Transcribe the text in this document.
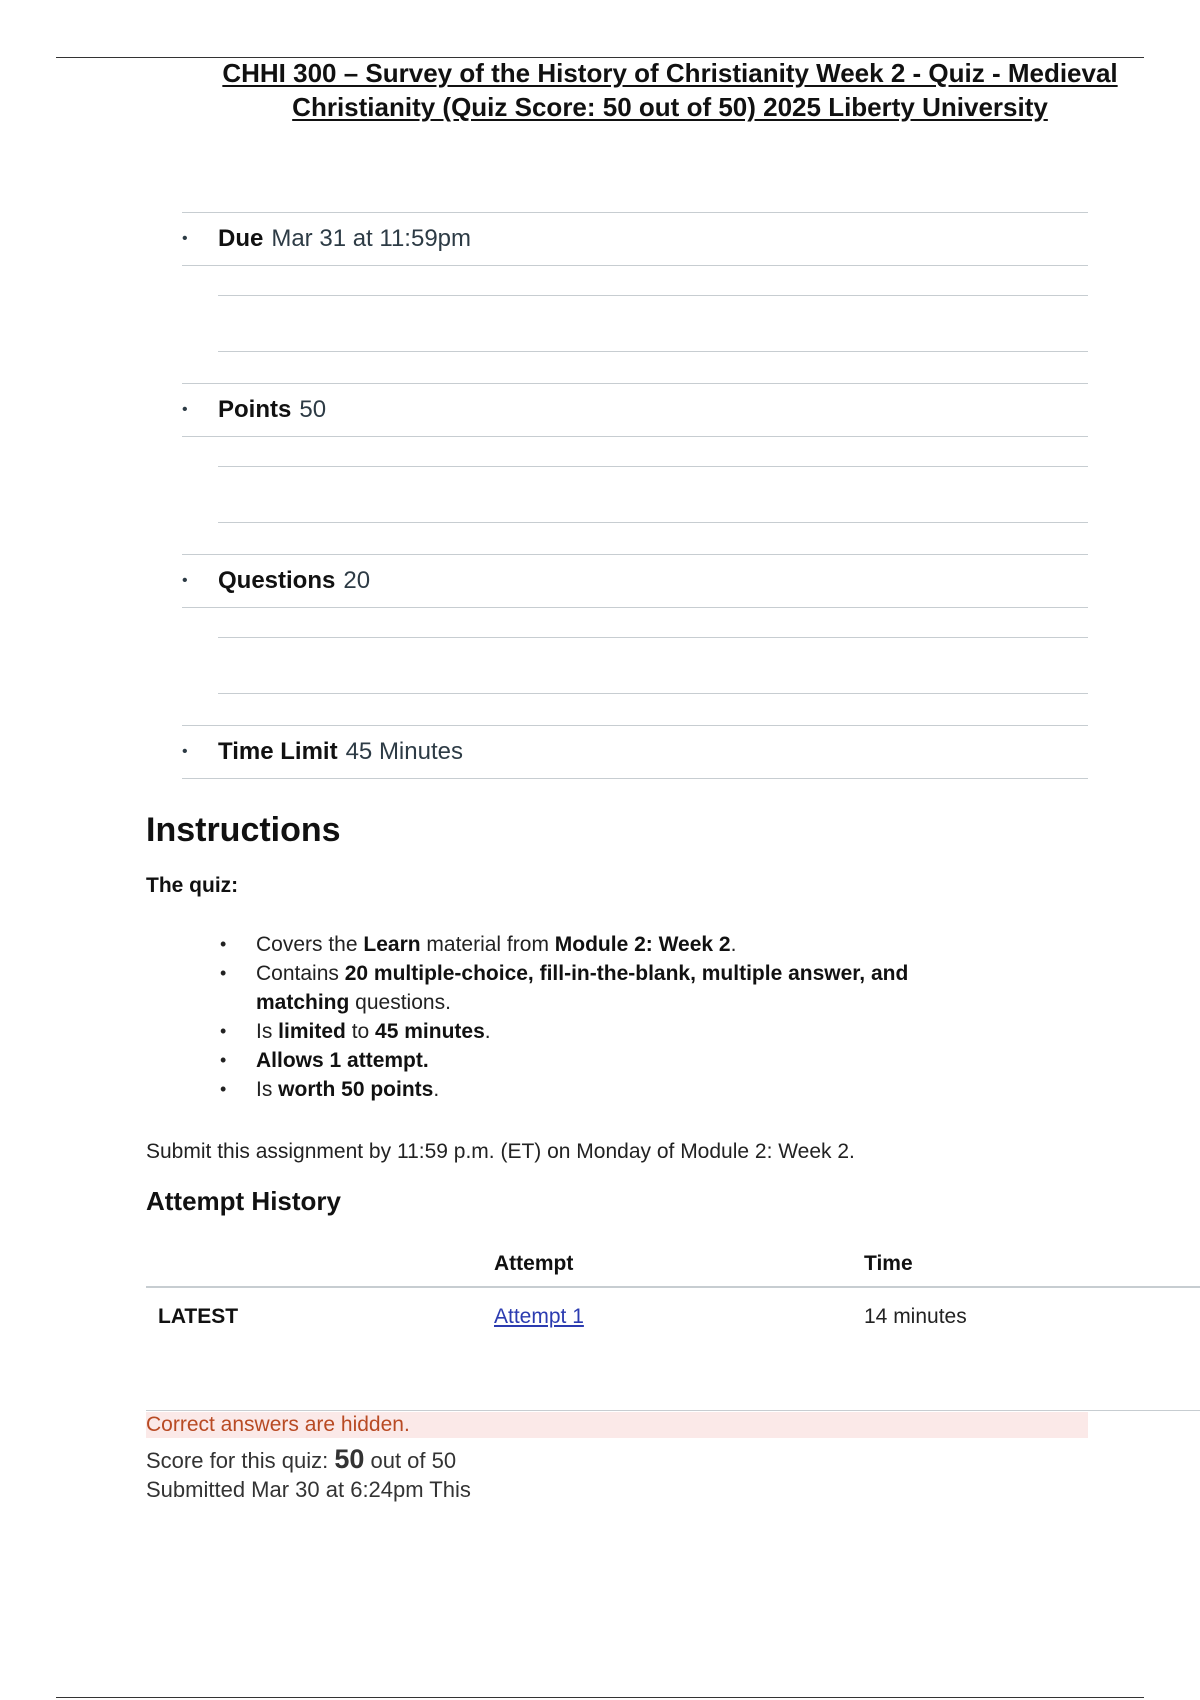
CHHI 300 – Survey of the History of Christianity Week 2 - Quiz - Medieval
Christianity (Quiz Score: 50 out of 50) 2025 Liberty University
• Due Mar 31 at 11:59pm
• Points 50
• Questions 20
• Time Limit 45 Minutes
Instructions
The quiz:
• Covers the Learn material from Module 2: Week 2.
• Contains 20 multiple-choice, fill-in-the-blank, multiple answer, and matching questions.
• Is limited to 45 minutes.
• Allows 1 attempt.
• Is worth 50 points.
Submit this assignment by 11:59 p.m. (ET) on Monday of Module 2: Week 2.
Attempt History
	Attempt	Time
LATEST	Attempt 1	14 minutes
Correct answers are hidden.
Score for this quiz: 50 out of 50
Submitted Mar 30 at 6:24pm This
